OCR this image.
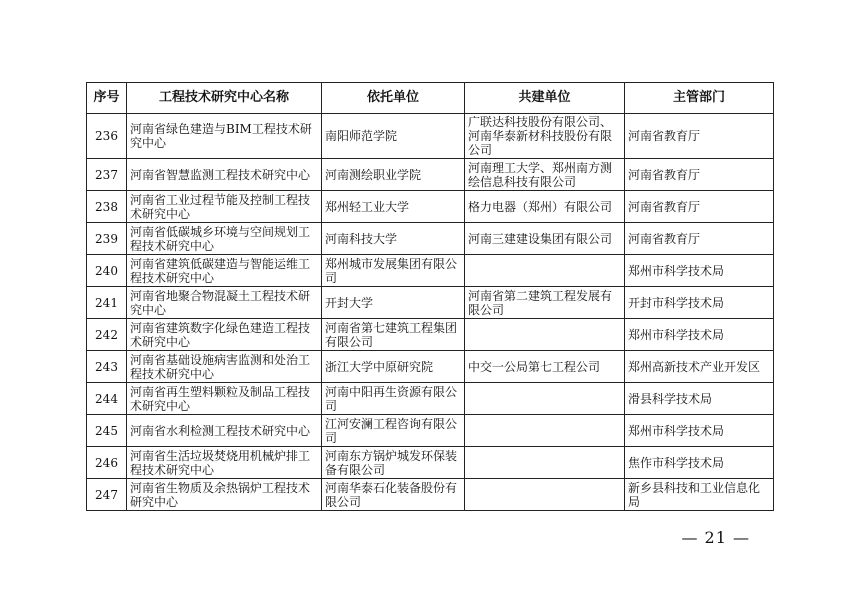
序号	工程技术研究中心名称	依托单位	共建单位	主管部门
236	河南省绿色建造与BIM工程技术研究中心	南阳师范学院	广联达科技股份有限公司、河南华泰新材科技股份有限公司	河南省教育厅
237	河南省智慧监测工程技术研究中心	河南测绘职业学院	河南理工大学、郑州南方测绘信息科技有限公司	河南省教育厅
238	河南省工业过程节能及控制工程技术研究中心	郑州轻工业大学	格力电器（郑州）有限公司	河南省教育厅
239	河南省低碳城乡环境与空间规划工程技术研究中心	河南科技大学	河南三建建设集团有限公司	河南省教育厅
240	河南省建筑低碳建造与智能运维工程技术研究中心	郑州城市发展集团有限公司		郑州市科学技术局
241	河南省地聚合物混凝土工程技术研究中心	开封大学	河南省第二建筑工程发展有限公司	开封市科学技术局
242	河南省建筑数字化绿色建造工程技术研究中心	河南省第七建筑工程集团有限公司		郑州市科学技术局
243	河南省基础设施病害监测和处治工程技术研究中心	浙江大学中原研究院	中交一公局第七工程公司	郑州高新技术产业开发区
244	河南省再生塑料颗粒及制品工程技术研究中心	河南中阳再生资源有限公司		滑县科学技术局
245	河南省水利检测工程技术研究中心	江河安澜工程咨询有限公司		郑州市科学技术局
246	河南省生活垃圾焚烧用机械炉排工程技术研究中心	河南东方锅炉城发环保装备有限公司		焦作市科学技术局
247	河南省生物质及余热锅炉工程技术研究中心	河南华泰石化装备股份有限公司		新乡县科技和工业信息化局
— 21 —
